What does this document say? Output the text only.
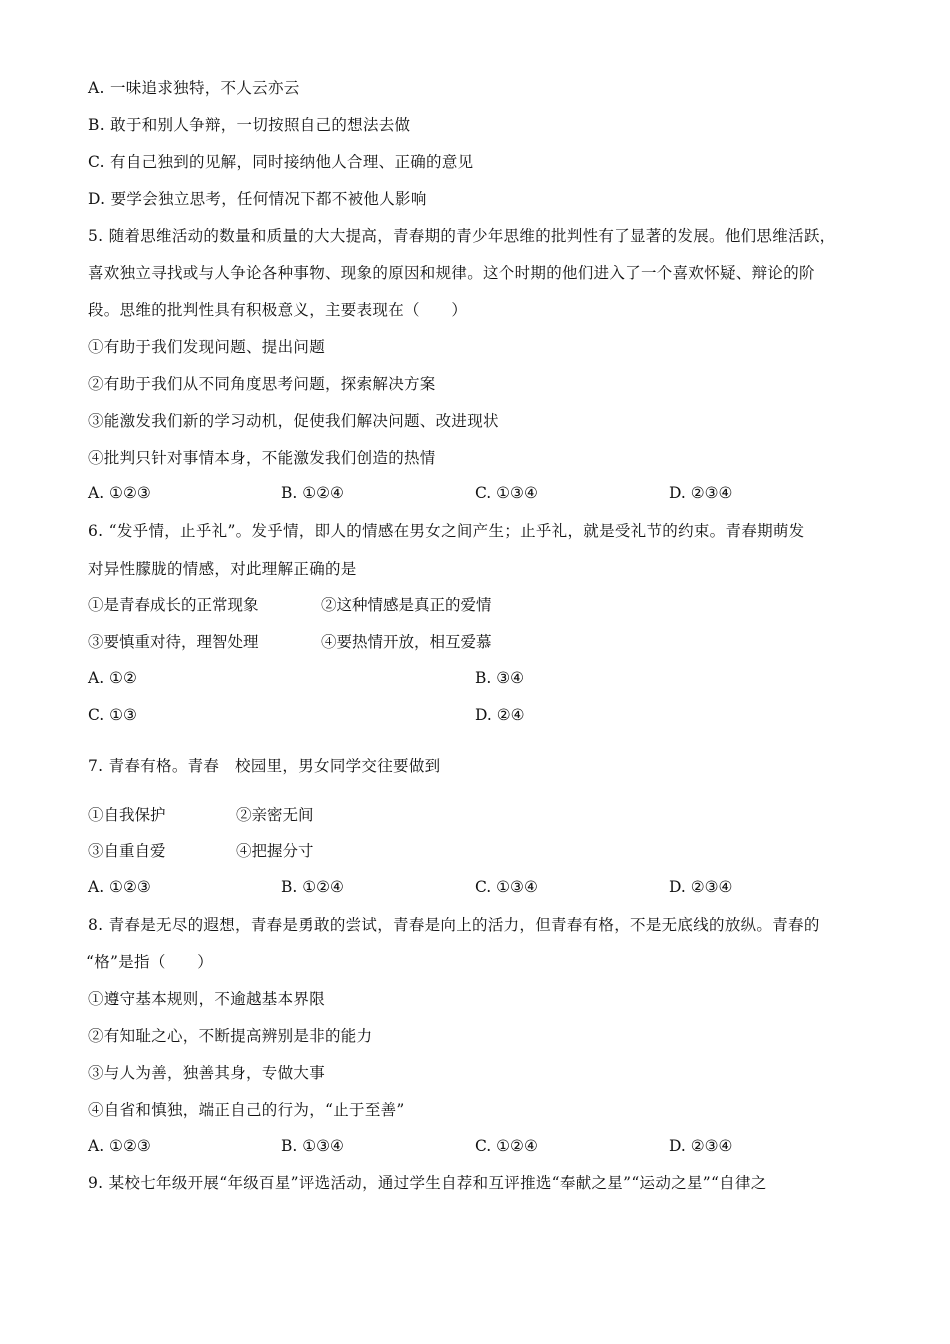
A. 一味追求独特，不人云亦云
B. 敢于和别人争辩，一切按照自己的想法去做
C. 有自己独到的见解，同时接纳他人合理、正确的意见
D. 要学会独立思考，任何情况下都不被他人影响
5. 随着思维活动的数量和质量的大大提高，青春期的青少年思维的批判性有了显著的发展。他们思维活跃，
喜欢独立寻找或与人争论各种事物、现象的原因和规律。这个时期的他们进入了一个喜欢怀疑、辩论的阶
段。思维的批判性具有积极意义，主要表现在（　　）
①有助于我们发现问题、提出问题
②有助于我们从不同角度思考问题，探索解决方案
③能激发我们新的学习动机，促使我们解决问题、改进现状
④批判只针对事情本身，不能激发我们创造的热情
A. ①②③	B. ①②④	C. ①③④	D. ②③④
6. “发乎情，止乎礼”。发乎情，即人的情感在男女之间产生；止乎礼，就是受礼节的约束。青春期萌发
对异性朦胧的情感，对此理解正确的是
①是青春成长的正常现象	②这种情感是真正的爱情
③要慎重对待，理智处理	④要热情开放，相互爱慕
A. ①②	B. ③④
C. ①③	D. ②④
7. 青春有格。青春　校园里，男女同学交往要做到
①自我保护	②亲密无间
③自重自爱	④把握分寸
A. ①②③	B. ①②④	C. ①③④	D. ②③④
8. 青春是无尽的遐想，青春是勇敢的尝试，青春是向上的活力，但青春有格，不是无底线的放纵。青春的
“格”是指（　　）
①遵守基本规则，不逾越基本界限
②有知耻之心，不断提高辨别是非的能力
③与人为善，独善其身，专做大事
④自省和慎独，端正自己的行为，“止于至善”
A. ①②③	B. ①③④	C. ①②④	D. ②③④
9. 某校七年级开展“年级百星”评选活动，通过学生自荐和互评推选“奉献之星”“运动之星”“自律之
